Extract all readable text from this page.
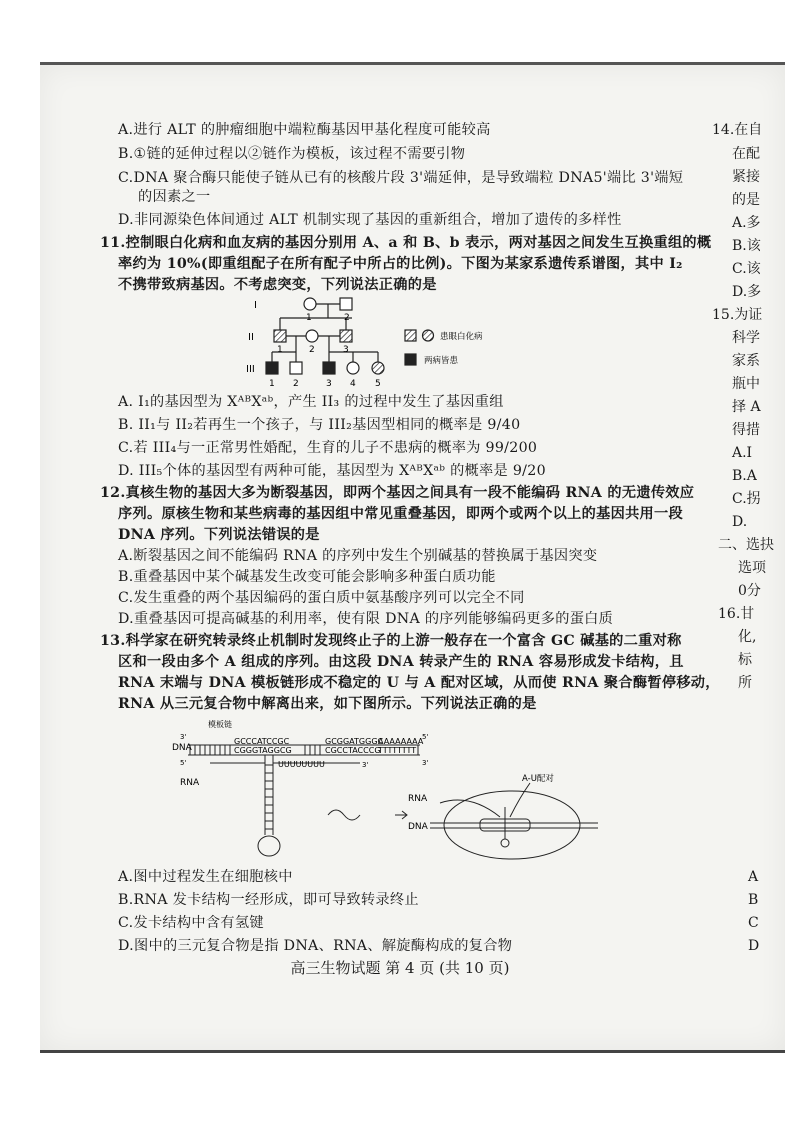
A.进行 ALT 的肿瘤细胞中端粒酶基因甲基化程度可能较高
B.①链的延伸过程以②链作为模板，该过程不需要引物
C.DNA 聚合酶只能使子链从已有的核酸片段 3'端延伸，是导致端粒 DNA5'端比 3'端短
的因素之一
D.非同源染色体间通过 ALT 机制实现了基因的重新组合，增加了遗传的多样性
11.控制眼白化病和血友病的基因分别用 A、a 和 B、b 表示，两对基因之间发生互换重组的概
率约为 10%(即重组配子在所有配子中所占的比例)。下图为某家系遗传系谱图，其中 I₂
不携带致病基因。不考虑突变，下列说法正确的是
I
II
III
1	2
1	2	3
1 2	3 4 5
患眼白化病
两病皆患
A. I₁的基因型为 XᴬᴮXᵃᵇ，产生 II₃ 的过程中发生了基因重组
B. II₁与 II₂若再生一个孩子，与 III₂基因型相同的概率是 9/40
C.若 III₄与一正常男性婚配，生育的儿子不患病的概率为 99/200
D. III₅个体的基因型有两种可能，基因型为 XᴬᴮXᵃᵇ 的概率是 9/20
12.真核生物的基因大多为断裂基因，即两个基因之间具有一段不能编码 RNA 的无遗传效应
序列。原核生物和某些病毒的基因组中常见重叠基因，即两个或两个以上的基因共用一段
DNA 序列。下列说法错误的是
A.断裂基因之间不能编码 RNA 的序列中发生个别碱基的替换属于基因突变
B.重叠基因中某个碱基发生改变可能会影响多种蛋白质功能
C.发生重叠的两个基因编码的蛋白质中氨基酸序列可以完全不同
D.重叠基因可提高碱基的利用率，使有限 DNA 的序列能够编码更多的蛋白质
13.科学家在研究转录终止机制时发现终止子的上游一般存在一个富含 GC 碱基的二重对称
区和一段由多个 A 组成的序列。由这段 DNA 转录产生的 RNA 容易形成发卡结构，且
RNA 末端与 DNA 模板链形成不稳定的 U 与 A 配对区域，从而使 RNA 聚合酶暂停移动，
RNA 从三元复合物中解离出来，如下图所示。下列说法正确的是
DNA
3'
5'
5'
3'
模板链
GCCCATCCGC	GCGGATGGGC
CGGGTAGGCG	CGCCTACCCG
AAAAAAAA
TTTTTTTT
RNA
UUUUUUUU	3'
RNA
DNA
A-U配对
A.图中过程发生在细胞核中
B.RNA 发卡结构一经形成，即可导致转录终止
C.发卡结构中含有氢键
D.图中的三元复合物是指 DNA、RNA、解旋酶构成的复合物
14.在自
在配
紧接
的是
A.多
B.该
C.该
D.多
15.为证
科学
家系
瓶中
择 A
得措
A.I
B.A
C.拐
D.
二、选抉
选项
0分
16.甘
化,
标
所
A
B
C
D
高三生物试题 第 4 页 (共 10 页)
